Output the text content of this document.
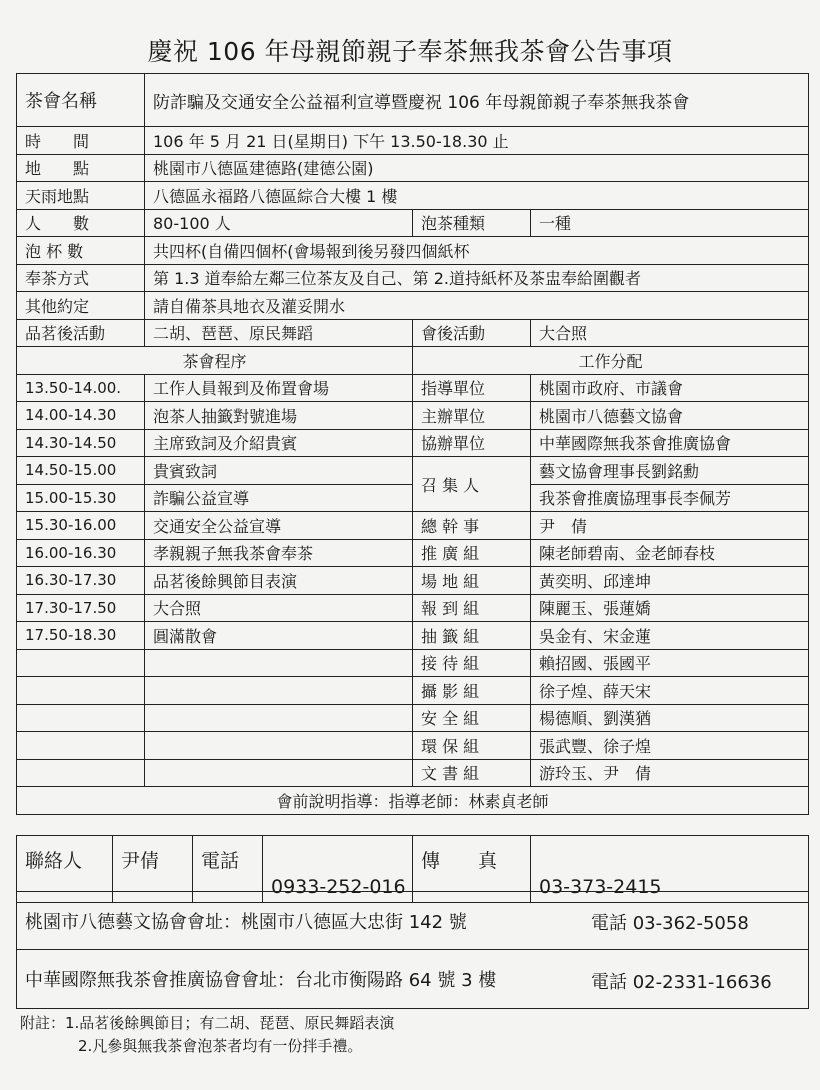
慶祝 106 年母親節親子奉茶無我茶會公告事項
茶會名稱	防詐騙及交通安全公益福利宣導暨慶祝 106 年母親節親子奉茶無我茶會		
時　　間	106 年 5 月 21 日(星期日) 下午 13.50-18.30 止		
地　　點	桃園市八德區建德路(建德公園)		
天雨地點	八德區永福路八德區綜合大樓 1 樓		
人　　數	80-100 人	泡茶種類	一種
泡 杯 數	共四杯(自備四個杯(會場報到後另發四個紙杯		
奉茶方式	第 1.3 道奉給左鄰三位茶友及自己、第 2.道持紙杯及茶盅奉給圍觀者		
其他約定	請自備茶具地衣及灌妥開水		
品茗後活動	二胡、琶琶、原民舞蹈	會後活動	大合照
茶會程序		工作分配	
13.50-14.00.	工作人員報到及佈置會場	指導單位	桃園市政府、市議會
14.00-14.30	泡茶人抽籤對號進場	主辦單位	桃園市八德藝文協會
14.30-14.50	主席致詞及介紹貴賓	協辦單位	中華國際無我茶會推廣協會
14.50-15.00	貴賓致詞	召 集 人	藝文協會理事長劉銘勳
15.00-15.30	詐騙公益宣導		我茶會推廣協理事長李佩芳
15.30-16.00	交通安全公益宣導	總 幹 事	尹　倩
16.00-16.30	孝親親子無我茶會奉茶	推 廣 組	陳老師碧南、金老師春枝
16.30-17.30	品茗後餘興節目表演	場 地 組	黃奕明、邱達坤
17.30-17.50	大合照	報 到 組	陳麗玉、張蓮嬌
17.50-18.30	圓滿散會	抽 籤 組	吳金有、宋金蓮
		接 待 組	賴招國、張國平
		攝 影 組	徐子煌、薛天宋
		安 全 組	楊德順、劉漢猶
		環 保 組	張武豐、徐子煌
		文 書 組	游玲玉、尹　倩
會前說明指導：指導老師：林素貞老師			
聯絡人	尹倩	電話	0933-252-016	傳　　真	03-373-2415
桃園市八德藝文協會會址：桃園市八德區大忠街 142 號	電話 03-362-5058

中華國際無我茶會推廣協會會址：台北市衡陽路 64 號 3 樓	電話 02-2331-16636
附註：1.品茗後餘興節目；有二胡、琵琶、原民舞蹈表演
2.凡參與無我茶會泡茶者均有一份拌手禮。
